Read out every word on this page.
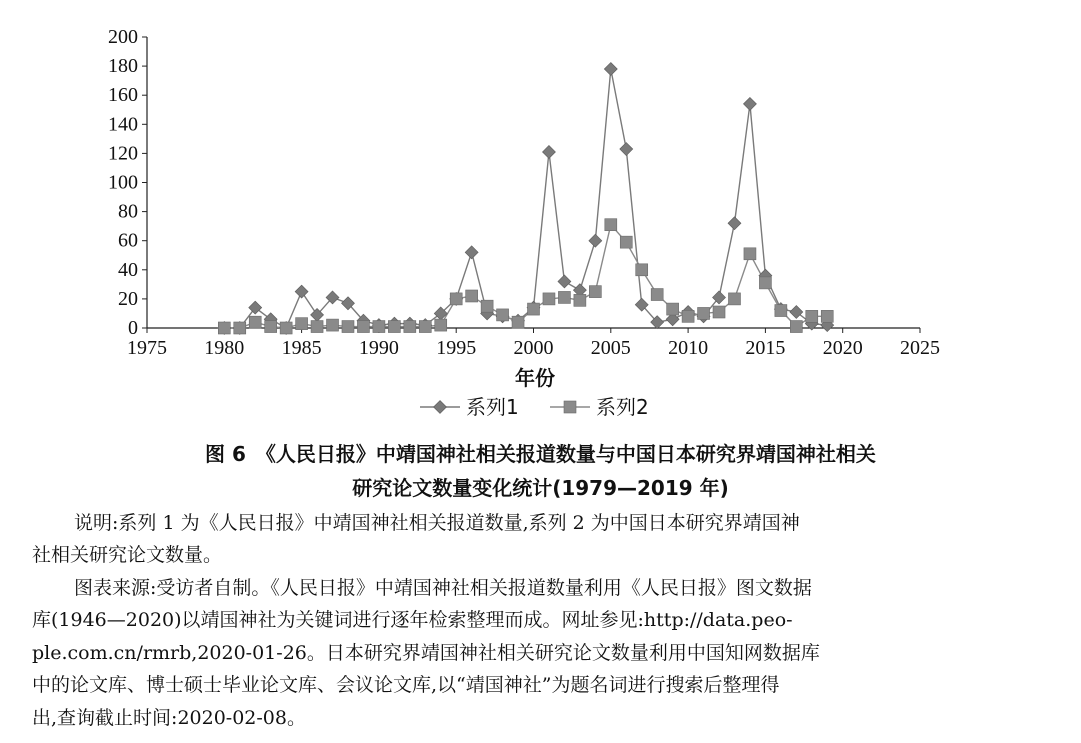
0
20
40
60
80
100
120
140
160
180
200
1975 1980 1985 1990 1995 2000 2005 2010 2015 2020 2025
年份
系列1	系列2
图 6　《人民日报》中靖国神社相关报道数量与中国日本研究界靖国神社相关
研究论文数量变化统计(1979—2019 年)
说明:系列 1 为《人民日报》中靖国神社相关报道数量,系列 2 为中国日本研究界靖国神
社相关研究论文数量。
图表来源:受访者自制。《人民日报》中靖国神社相关报道数量利用《人民日报》图文数据
库(1946—2020)以靖国神社为关键词进行逐年检索整理而成。网址参见:http://data.peo-
ple.com.cn/rmrb,2020-01-26。日本研究界靖国神社相关研究论文数量利用中国知网数据库
中的论文库、博士硕士毕业论文库、会议论文库,以“靖国神社”为题名词进行搜索后整理得
出,查询截止时间:2020-02-08。
